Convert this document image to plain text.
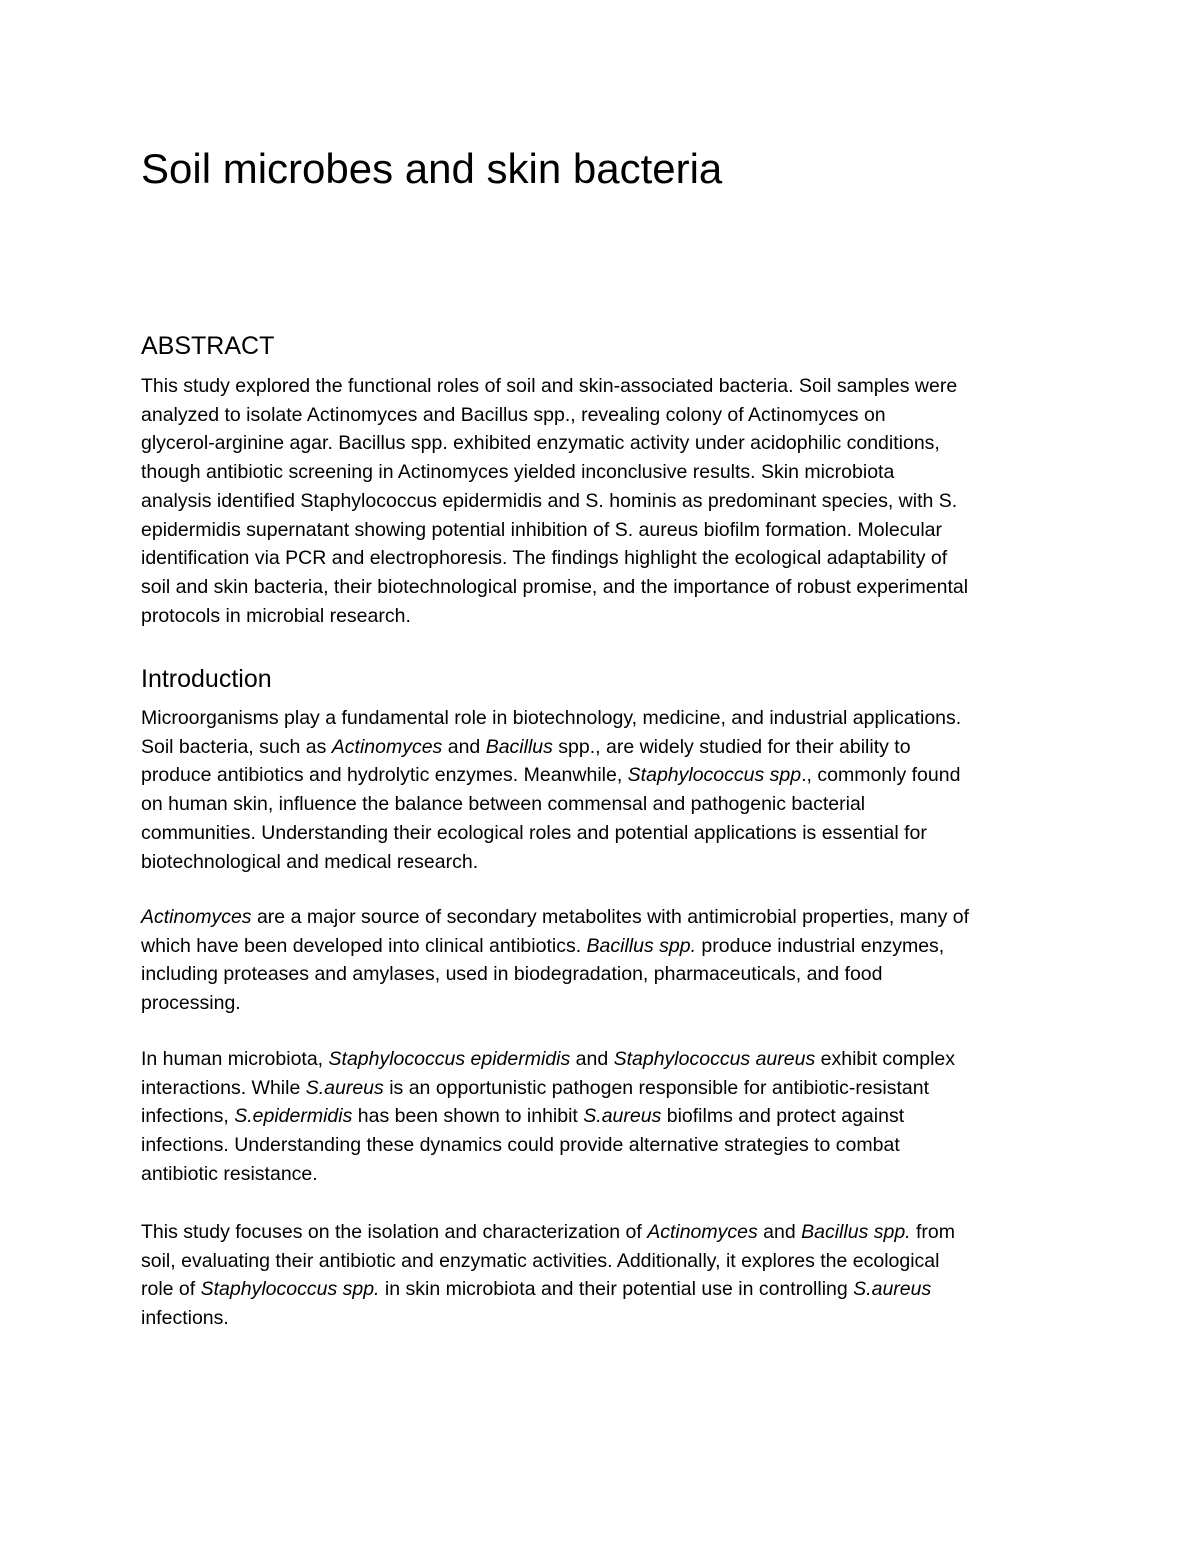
Soil microbes and skin bacteria
ABSTRACT

This study explored the functional roles of soil and skin-associated bacteria. Soil samples were
analyzed to isolate Actinomyces and Bacillus spp., revealing colony of Actinomyces on
glycerol-arginine agar. Bacillus spp. exhibited enzymatic activity under acidophilic conditions,
though antibiotic screening in Actinomyces yielded inconclusive results. Skin microbiota
analysis identified Staphylococcus epidermidis and S. hominis as predominant species, with S.
epidermidis supernatant showing potential inhibition of S. aureus biofilm formation. Molecular
identification via PCR and electrophoresis. The findings highlight the ecological adaptability of
soil and skin bacteria, their biotechnological promise, and the importance of robust experimental
protocols in microbial research.

Introduction

Microorganisms play a fundamental role in biotechnology, medicine, and industrial applications.
Soil bacteria, such as Actinomyces and Bacillus spp., are widely studied for their ability to
produce antibiotics and hydrolytic enzymes. Meanwhile, Staphylococcus spp., commonly found
on human skin, influence the balance between commensal and pathogenic bacterial
communities. Understanding their ecological roles and potential applications is essential for
biotechnological and medical research.

Actinomyces are a major source of secondary metabolites with antimicrobial properties, many of
which have been developed into clinical antibiotics. Bacillus spp. produce industrial enzymes,
including proteases and amylases, used in biodegradation, pharmaceuticals, and food
processing.

In human microbiota, Staphylococcus epidermidis and Staphylococcus aureus exhibit complex
interactions. While S.aureus is an opportunistic pathogen responsible for antibiotic-resistant
infections, S.epidermidis has been shown to inhibit S.aureus biofilms and protect against
infections. Understanding these dynamics could provide alternative strategies to combat
antibiotic resistance.

This study focuses on the isolation and characterization of Actinomyces and Bacillus spp. from
soil, evaluating their antibiotic and enzymatic activities. Additionally, it explores the ecological
role of Staphylococcus spp. in skin microbiota and their potential use in controlling S.aureus
infections.
